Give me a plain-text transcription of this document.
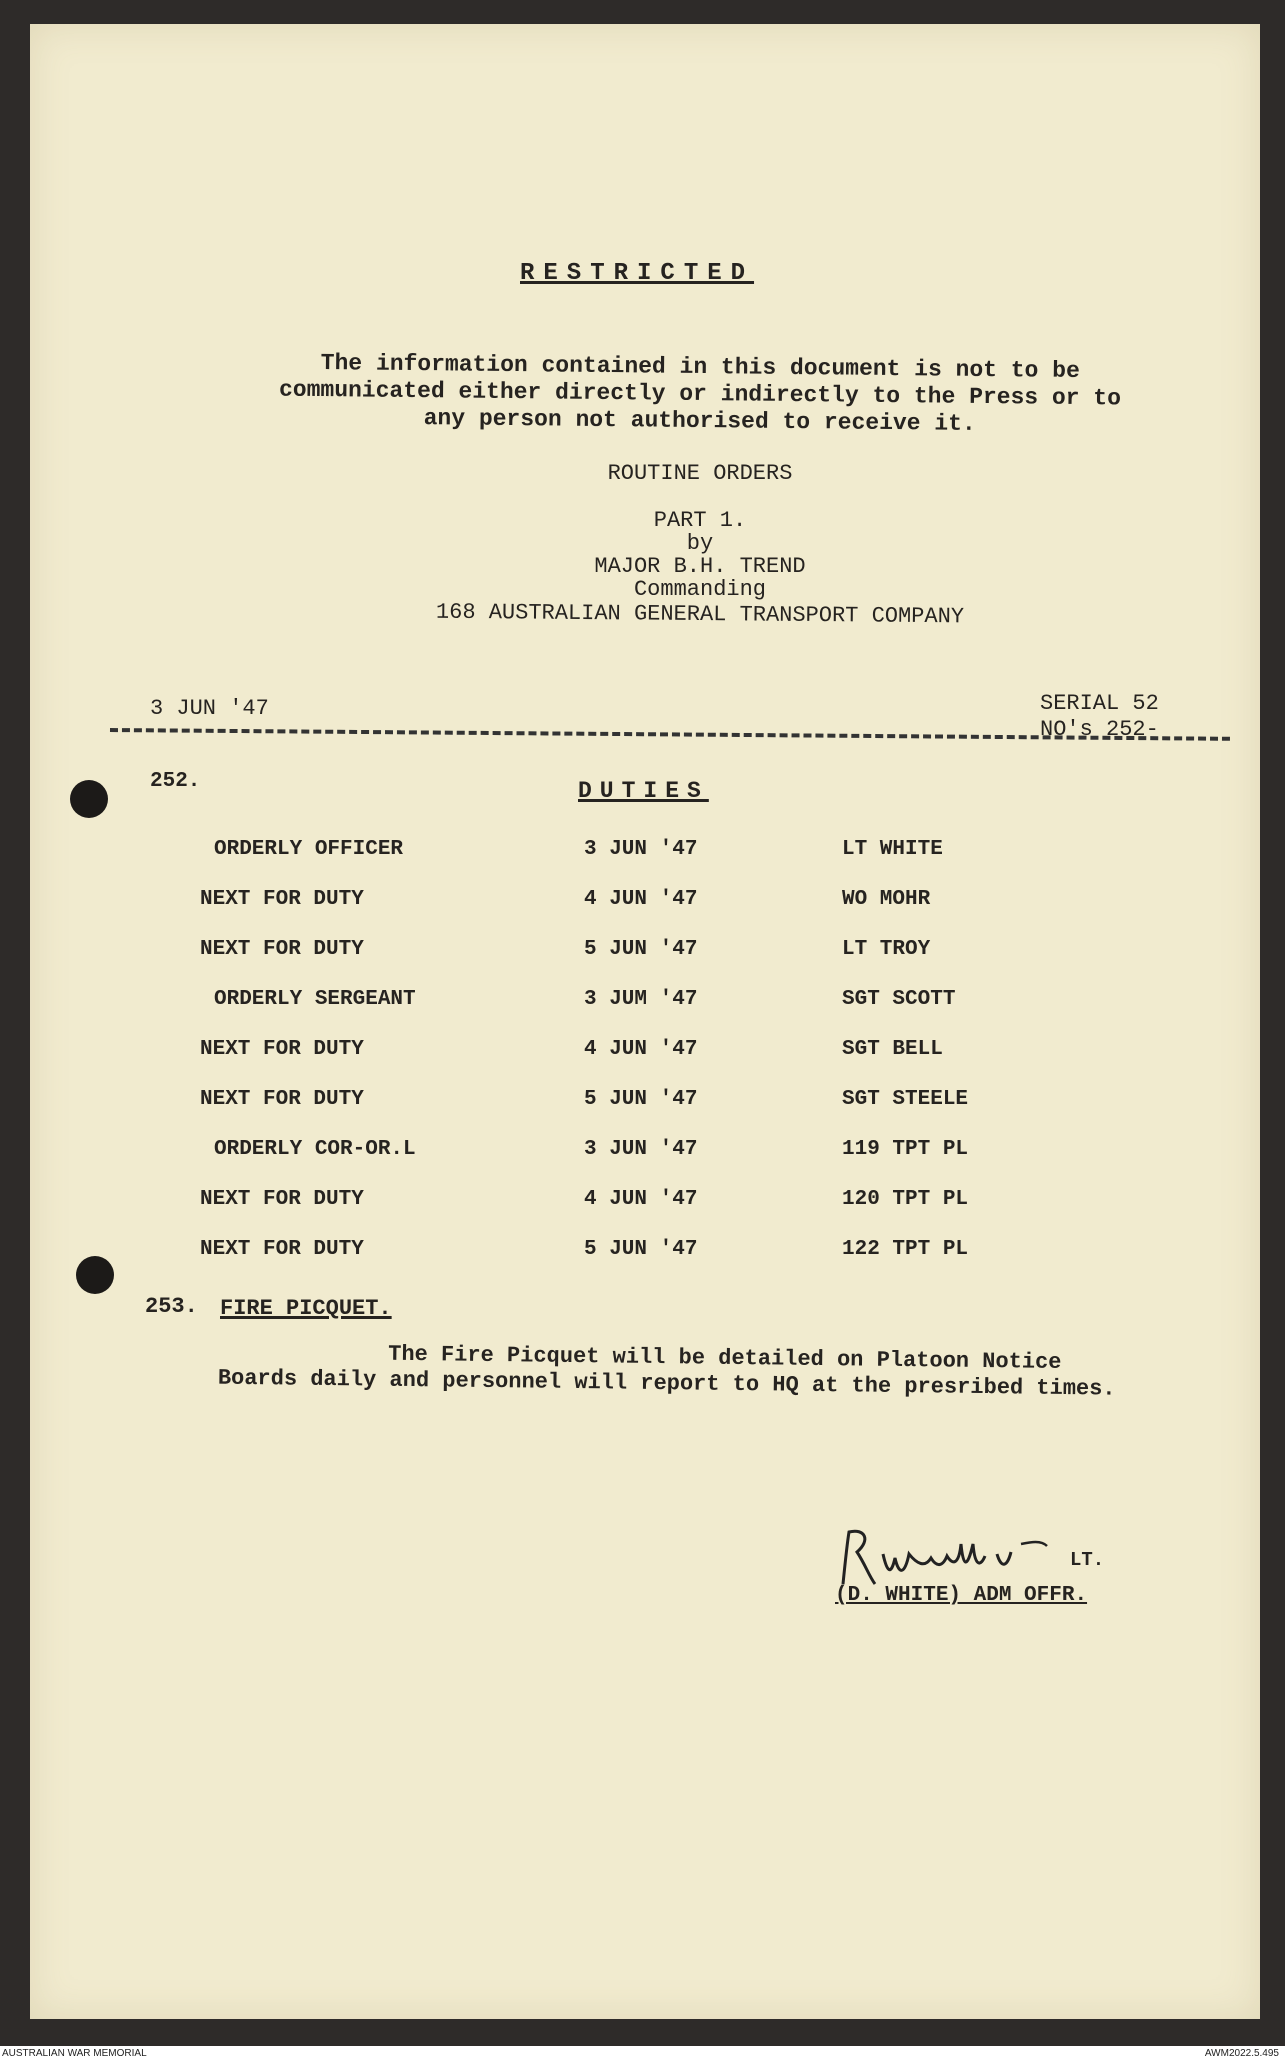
RESTRICTED
The information contained in this document is not to be communicated either directly or indirectly to the Press or to any person not authorised to receive it.
ROUTINE ORDERS
PART 1.
by
MAJOR B.H. TREND
Commanding
168 AUSTRALIAN GENERAL TRANSPORT COMPANY
3 JUN '47	SERIAL 52
NO's 252-
252.	DUTIES
ORDERLY OFFICER	3 JUN '47	LT WHITE
NEXT FOR DUTY	4 JUN '47	WO MOHR
NEXT FOR DUTY	5 JUN '47	LT TROY
ORDERLY SERGEANT	3 JUM '47	SGT SCOTT
NEXT FOR DUTY	4 JUN '47	SGT BELL
NEXT FOR DUTY	5 JUN '47	SGT STEELE
ORDERLY COR-OR.L	3 JUN '47	119 TPT PL
NEXT FOR DUTY	4 JUN '47	120 TPT PL
NEXT FOR DUTY	5 JUN '47	122 TPT PL
253. FIRE PICQUET.
The Fire Picquet will be detailed on Platoon Notice
Boards daily and personnel will report to HQ at the presribed times.
LT.
(D. WHITE) ADM OFFR.
AUSTRALIAN WAR MEMORIAL	AWM2022.5.495
